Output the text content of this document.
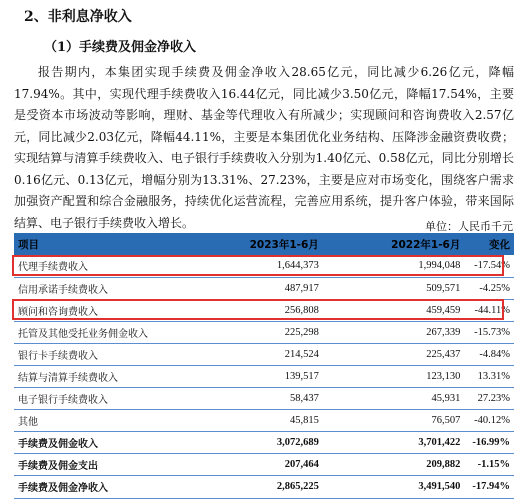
2、非利息净收入
（1）手续费及佣金净收入
报告期内，本集团实现手续费及佣金净收入28.65亿元，同比减少6.26亿元，降幅17.94%。其中，实现代理手续费收入16.44亿元，同比减少3.50亿元，降幅17.54%，主要是受资本市场波动等影响，理财、基金等代理收入有所减少；实现顾问和咨询费收入2.57亿元，同比减少2.03亿元，降幅44.11%，主要是本集团优化业务结构、压降涉金融资费收费；实现结算与清算手续费收入、电子银行手续费收入分别为1.40亿元、0.58亿元，同比分别增长0.16亿元、0.13亿元，增幅分别为13.31%、27.23%，主要是应对市场变化，围绕客户需求加强资产配置和综合金融服务，持续优化运营流程，完善应用系统，提升客户体验，带来国际结算、电子银行手续费收入增长。	单位：人民币千元
项目	2023年1-6月	2022年1-6月	变化
代理手续费收入	1,644,373	1,994,048	-17.54%
信用承诺手续费收入	487,917	509,571	-4.25%
顾问和咨询费收入	256,808	459,459	-44.11%
托管及其他受托业务佣金收入	225,298	267,339	-15.73%
银行卡手续费收入	214,524	225,437	-4.84%
结算与清算手续费收入	139,517	123,130	13.31%
电子银行手续费收入	58,437	45,931	27.23%
其他	45,815	76,507	-40.12%
手续费及佣金收入	3,072,689	3,701,422	-16.99%
手续费及佣金支出	207,464	209,882	-1.15%
手续费及佣金净收入	2,865,225	3,491,540	-17.94%
